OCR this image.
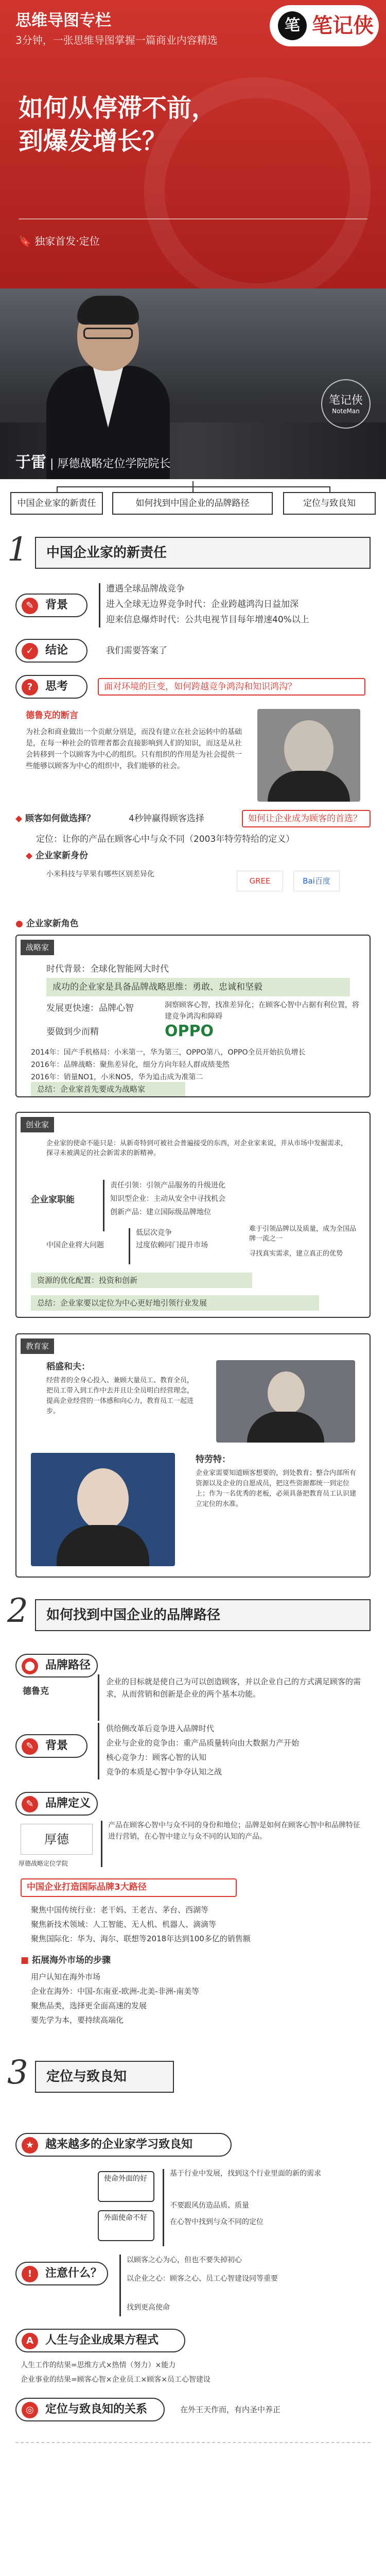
思维导图专栏
3分钟，一张思维导图掌握一篇商业内容精选
笔 笔记侠
如何从停滞不前，
到爆发增长？
🔖 独家首发·定位
于雷 | 厚德战略定位学院院长
笔记侠
NoteMan
中国企业家的新责任	如何找到中国企业的品牌路径	定位与致良知
1	中国企业家的新责任
✎	背景
遭遇全球品牌战竞争
进入全球无边界竞争时代：企业跨越鸿沟日益加深
迎来信息爆炸时代：公共电视节目每年增速40%以上
✓	结论	我们需要答案了
?	思考	面对环境的巨变，如何跨越竞争鸿沟和知识鸿沟？
德鲁克的断言
为社会和商业做出一个贡献分别是，而没有建立在社会运转中的基础是，在每一种社会的管理者都会直接影响到人们的知识，而这是从社会转移到一个以顾客为中心的组织。只有组织的作用是为社会提供一些能够以顾客为中心的组织中，我们能够的社会。
◆ 顾客如何做选择？	4秒钟赢得顾客选择	如何让企业成为顾客的首选？
定位：让你的产品在顾客心中与众不同（2003年特劳特给的定义）
◆ 企业家新身份
小米科技与苹果有哪些区别差异化
GREE	Bai百度
● 企业家新角色
战略家
时代背景：全球化智能网大时代
成功的企业家是具备品牌战略思维：勇敢、忠诚和坚毅
发展更快速：品牌心智	洞察顾客心智，找准差异化；在顾客心智中占据有利位置，将建竞争鸿沟和障碍
要做到少而精	OPPO
2014年：国产手机格局：小米第一，华为第三，OPPO第八，OPPO全员开始抗负增长
2016年：品牌战略：聚焦差异化，细分方向年轻人群成绩斐然
2016年：销量NO1，小米NO5，华为追击成为准第二
总结：企业家首先要成为战略家
创业家
企业家的使命不能只是：从新奇特到可被社会普遍接受的东西，对企业家来说，并从市场中发掘需求，探寻未被满足的社会新需求的新精神。
企业家职能
责任引领：引领产品服务的升级进化
知识型企业：主动从安全中寻找机会
创新产品：建立国际级品牌地位
中国企业将大问题
低层次竞争
过度依赖同门提升市场
难于引领品牌以及质量，成为全国品牌一流之一
寻找真实需求，建立真正的优势
资源的优化配置：投资和创新
总结：企业家要以定位为中心更好地引领行业发展
教育家
稻盛和夫：
经营者的全身心投入、兼顾大量员工、教育全员，把员工带入到工作中去并且让全员明白经营理念，提高企业经营的一体感和向心力，教育员工一起进步。
特劳特：
企业家需要知道顾客想要的，到处教育；整合内部所有资源以及企业的自愿成员，把这些资源都统一到定位上；作为一名优秀的老板，必须具备把教育员工认识建立定位的水准。
2	如何找到中国企业的品牌路径
⬤ 品牌路径
德鲁克
企业的目标就是使自己为可以创造顾客，并以企业自己的方式满足顾客的需求，从而营销和创新是企业的两个基本功能。
✎	背景
供给侧改革后竞争进入品牌时代
企业与企业的竞争由：重产品质量转向由大数据力产开始
核心竞争力：顾客心智的认知
竞争的本质是心智中争夺认知之战
✎	品牌定义
厚德
厚德战略定位学院
产品在顾客心智中与众不同的身份和地位；品牌是如何在顾客心智中和品牌特征进行营销，在心智中建立与众不同的认知的产品。
中国企业打造国际品牌3大路径
聚焦中国传统行业：老干妈、王老吉、茅台、西湖等
聚焦新技术领域：人工智能、无人机、机器人、滴滴等
聚焦国际化：华为、海尔、联想等2018年达到100多亿的销售额
■ 拓展海外市场的步骤
用户认知在海外市场
企业在海外：中国-东南亚-欧洲-北美-非洲-南美等
聚焦品类，选择更全面高速的发展
要先学为本，要持续高端化
3	定位与致良知
★ 越来越多的企业家学习致良知
使命外面的好
外面使命不好
基于行业中发展，找到这个行业里面的新的需求
不要跟风仿造品质、质量
在心智中找到与众不同的定位
!	注意什么？
以顾客之心为心，但也不要失掉初心
以企业之心：顾客之心、员工心智建设同等重要
找到更高使命
A	人生与企业成果方程式
人生工作的结果=思维方式×热情（努力）×能力
企业事业的结果=顾客心智×企业员工×顾客×员工心智建设
◎	定位与致良知的关系	在外王天作而，有内圣中养正
